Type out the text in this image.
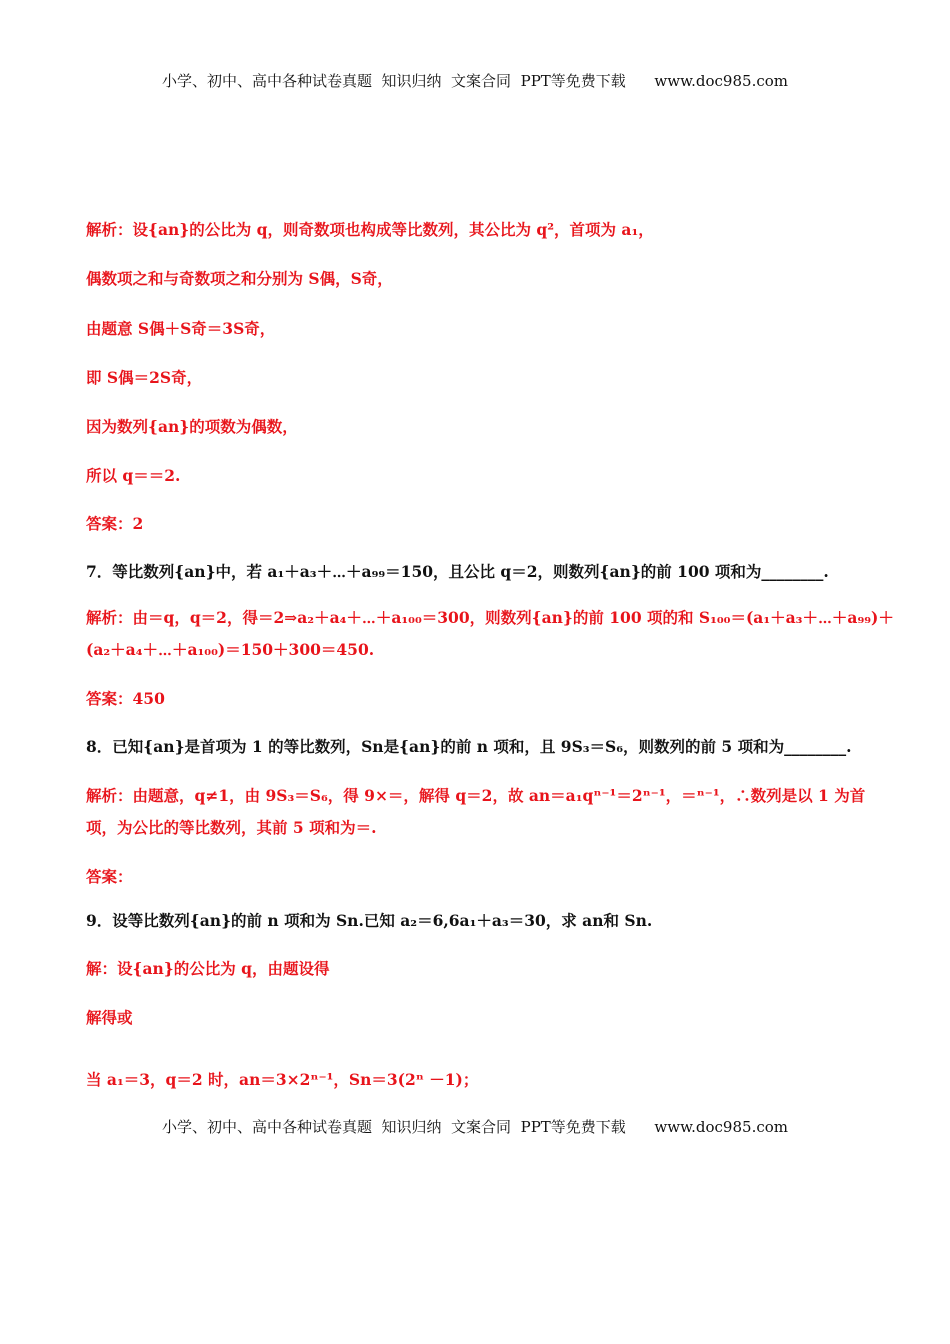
小学、初中、高中各种试卷真题  知识归纳  文案合同  PPT等免费下载      www.doc985.com
解析：设{an}的公比为 q，则奇数项也构成等比数列，其公比为 q²，首项为 a₁，
偶数项之和与奇数项之和分别为 S偶，S奇，
由题意 S偶＋S奇＝3S奇，
即 S偶＝2S奇，
因为数列{an}的项数为偶数，
所以 q＝＝2.
答案：2
7．等比数列{an}中，若 a₁＋a₃＋⋯＋a₉₉＝150，且公比 q＝2，则数列{an}的前 100 项和为________.
解析：由＝q，q＝2，得＝2⇒a₂＋a₄＋⋯＋a₁₀₀＝300，则数列{an}的前 100 项的和 S₁₀₀＝(a₁＋a₃＋⋯＋a₉₉)＋
(a₂＋a₄＋⋯＋a₁₀₀)＝150＋300＝450.
答案：450
8．已知{an}是首项为 1 的等比数列，Sn是{an}的前 n 项和，且 9S₃＝S₆，则数列的前 5 项和为________.
解析：由题意，q≠1，由 9S₃＝S₆，得 9×＝，解得 q＝2，故 an＝a₁qⁿ⁻¹＝2ⁿ⁻¹，＝ⁿ⁻¹，∴数列是以 1 为首
项，为公比的等比数列，其前 5 项和为＝.
答案：
9．设等比数列{an}的前 n 项和为 Sn.已知 a₂＝6,6a₁＋a₃＝30，求 an和 Sn.
解：设{an}的公比为 q，由题设得
解得或
当 a₁＝3，q＝2 时，an＝3×2ⁿ⁻¹，Sn＝3(2ⁿ －1)；
小学、初中、高中各种试卷真题  知识归纳  文案合同  PPT等免费下载      www.doc985.com
